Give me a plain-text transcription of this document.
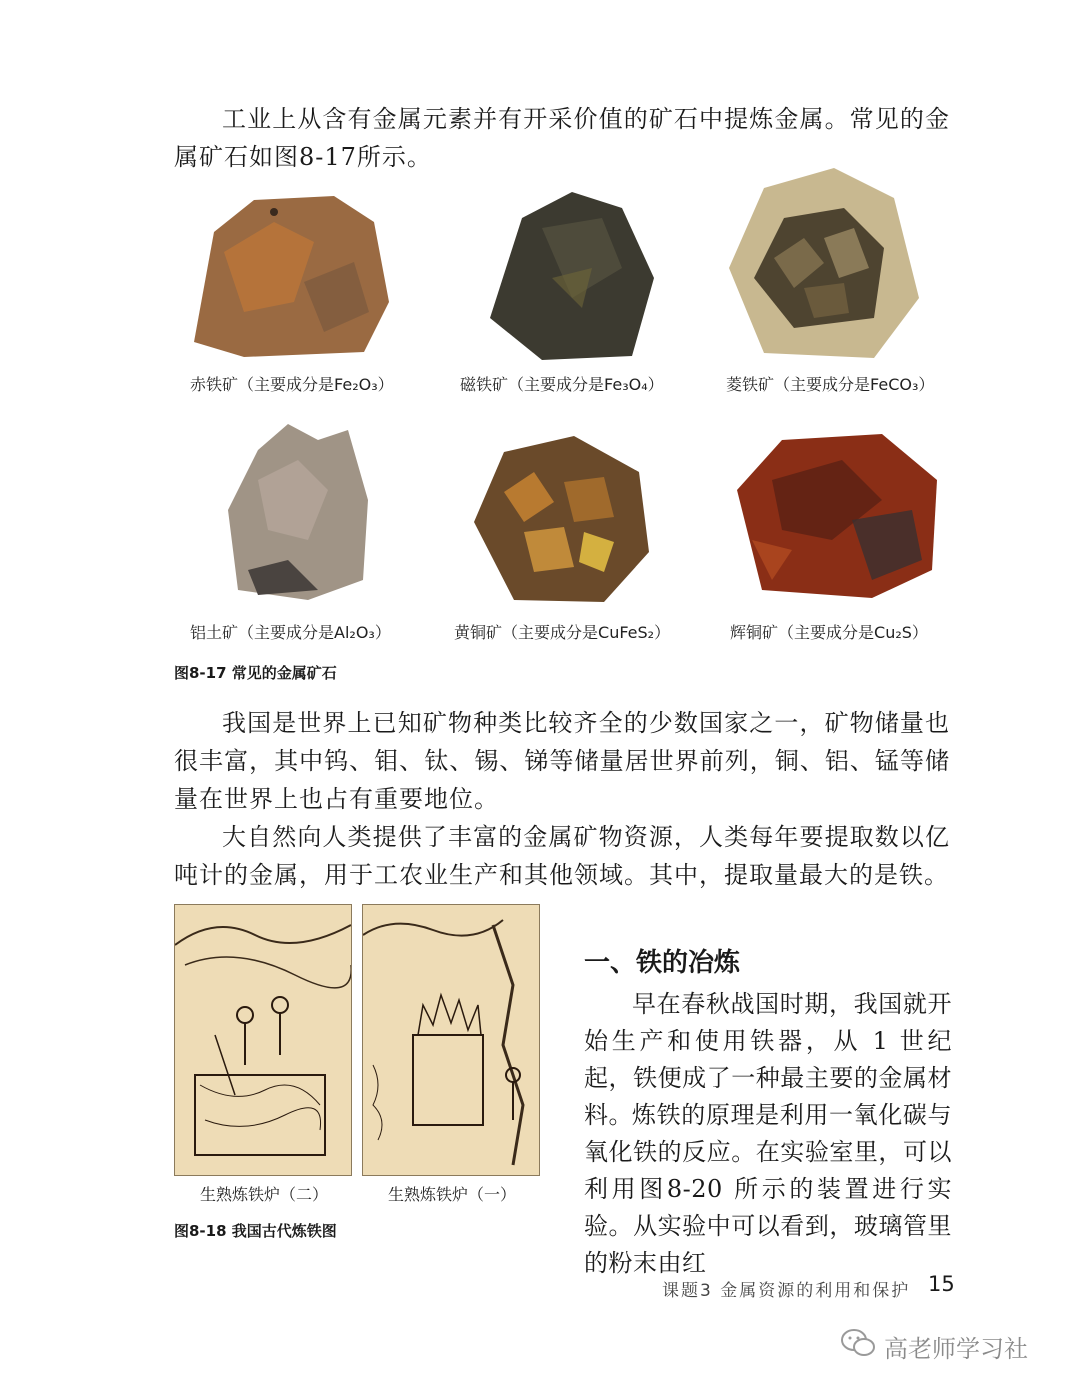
工业上从含有金属元素并有开采价值的矿石中提炼金属。常见的金属矿石如图8-17所示。

赤铁矿（主要成分是Fe₂O₃）	磁铁矿（主要成分是Fe₃O₄）	菱铁矿（主要成分是FeCO₃）
铝土矿（主要成分是Al₂O₃）	黄铜矿（主要成分是CuFeS₂）	辉铜矿（主要成分是Cu₂S）
图8-17 常见的金属矿石

我国是世界上已知矿物种类比较齐全的少数国家之一，矿物储量也很丰富，其中钨、钼、钛、锡、锑等储量居世界前列，铜、铝、锰等储量在世界上也占有重要地位。

大自然向人类提供了丰富的金属矿物资源，人类每年要提取数以亿吨计的金属，用于工农业生产和其他领域。其中，提取量最大的是铁。

生熟炼铁炉（二）	生熟炼铁炉（一）
图8-18 我国古代炼铁图
一、铁的冶炼

早在春秋战国时期，我国就开始生产和使用铁器，从 1 世纪起，铁便成了一种最主要的金属材料。 炼铁的原理是利用一氧化碳与氧化铁的反应。在实验室里，可以利用图8-20 所示的装置进行实验。从实验中可以看到，玻璃管里的粉末由红

课题3 金属资源的利用和保护 15
高老师学习社
